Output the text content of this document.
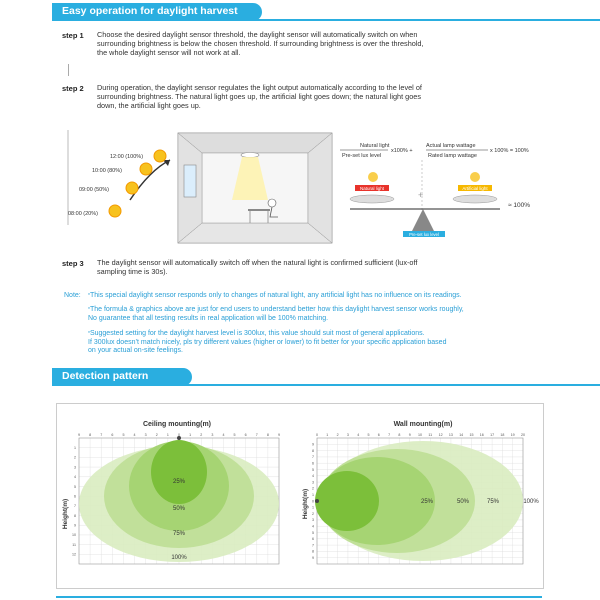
Easy operation for daylight harvest
step 1 Choose the desired daylight sensor threshold, the daylight sensor will automatically switch on when
surrounding brightness is below the chosen threshold. If surrounding brightness is over the threshold,
the whole daylight sensor will not work at all.
step 2 During operation, the daylight sensor regulates the light output automatically according to the level of
surrounding brightness. The natural light goes up, the artificial light goes down; the natural light goes
down, the artificial light goes up.
12:00 (100%)
10:00 (80%)
09:00 (50%)
08:00 (20%)
Natural light
Pre-set lux level
x100% +
Actual lamp wattage
Rated lamp wattage
x 100% = 100%
+
Natural light	Artificial light
Pre-set lux level
≈ 100%
step 3 The daylight sensor will automatically switch off when the natural light is confirmed sufficient (lux-off
sampling time is 30s).
Note: *This special daylight sensor responds only to changes of natural light, any artificial light has no influence on its readings.
*The formula & graphics above are just for end users to understand better how this daylight harvest sensor works roughly,
No guarantee that all testing results in real application will be 100% matching.
*Suggested setting for the daylight harvest level is 300lux, this value should suit most of general applications.
If 300lux doesn’t match nicely, pls try different values (higher or lower) to fit better for your specific application based
on your actual on-site feelings.
Detection pattern
Ceiling mounting(m)
Height(m)
25%
50%
75%
100%
9	8	7	6	5	4	3	2	1	0	1	2	3	4	5	6	7	8	9
1
2
3
4
5
6
7
8
9
10
11
12
Wall mounting(m)
Height(m)	25%	50%	75%	100%
0 1 2 3 4 5 6 7 8 9 10 11 12 13 14 15 16 17 18 19 20
9
8
7
6
5
4
3
2
1
0
1
2
3
4
5
6
7
8
9
